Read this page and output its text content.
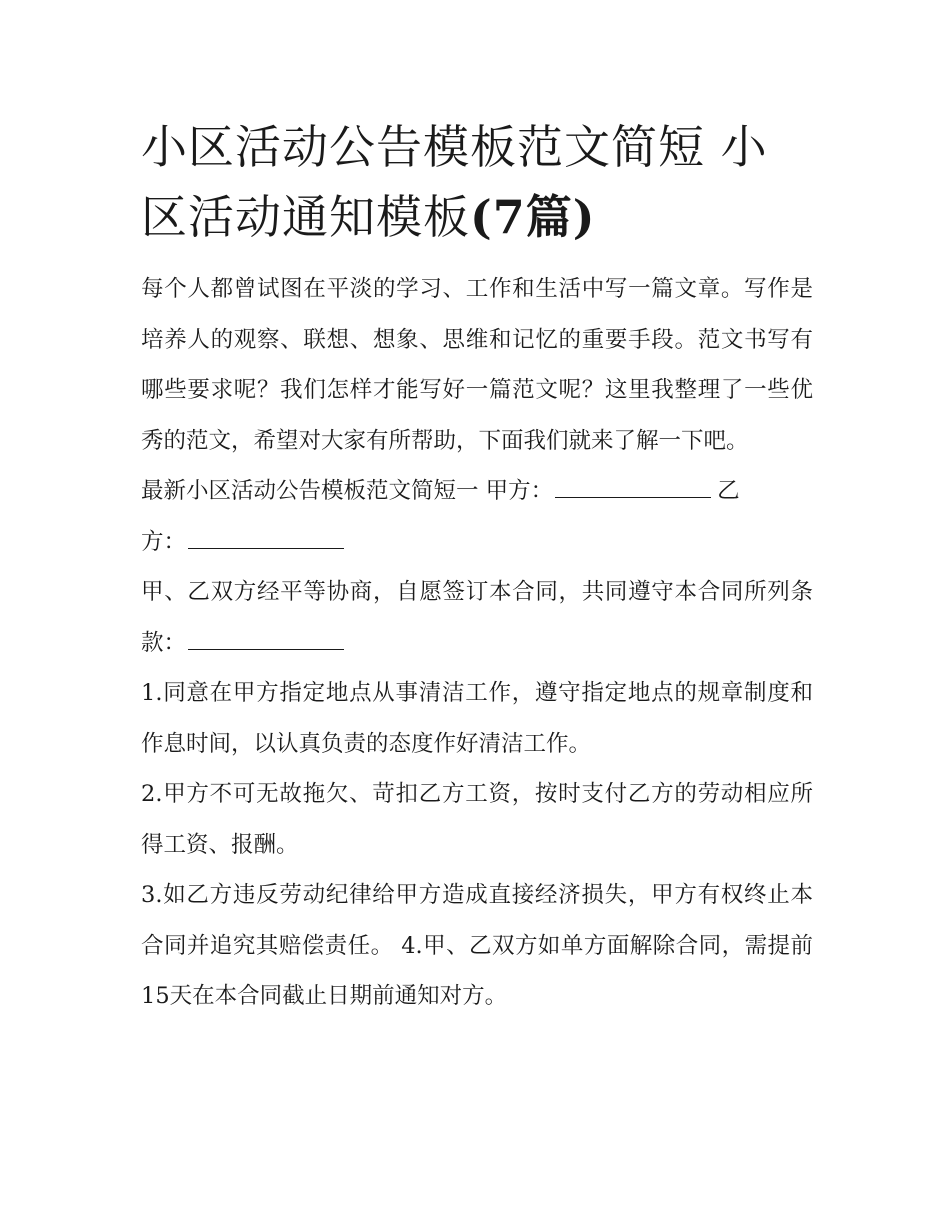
小区活动公告模板范文简短 小
区活动通知模板(7篇)

每个人都曾试图在平淡的学习、工作和生活中写一篇文章。写作是培养人的观察、联想、想象、思维和记忆的重要手段。范文书写有哪些要求呢？我们怎样才能写好一篇范文呢？这里我整理了一些优秀的范文，希望对大家有所帮助，下面我们就来了解一下吧。

最新小区活动公告模板范文简短一 甲方：	乙
方：

甲、乙双方经平等协商，自愿签订本合同，共同遵守本合同所列条款：

1.同意在甲方指定地点从事清洁工作，遵守指定地点的规章制度和作息时间，以认真负责的态度作好清洁工作。

2.甲方不可无故拖欠、苛扣乙方工资，按时支付乙方的劳动相应所得工资、报酬。

3.如乙方违反劳动纪律给甲方造成直接经济损失，甲方有权终止本合同并追究其赔偿责任。 4.甲、乙双方如单方面解除合同，需提前15天在本合同截止日期前通知对方。
